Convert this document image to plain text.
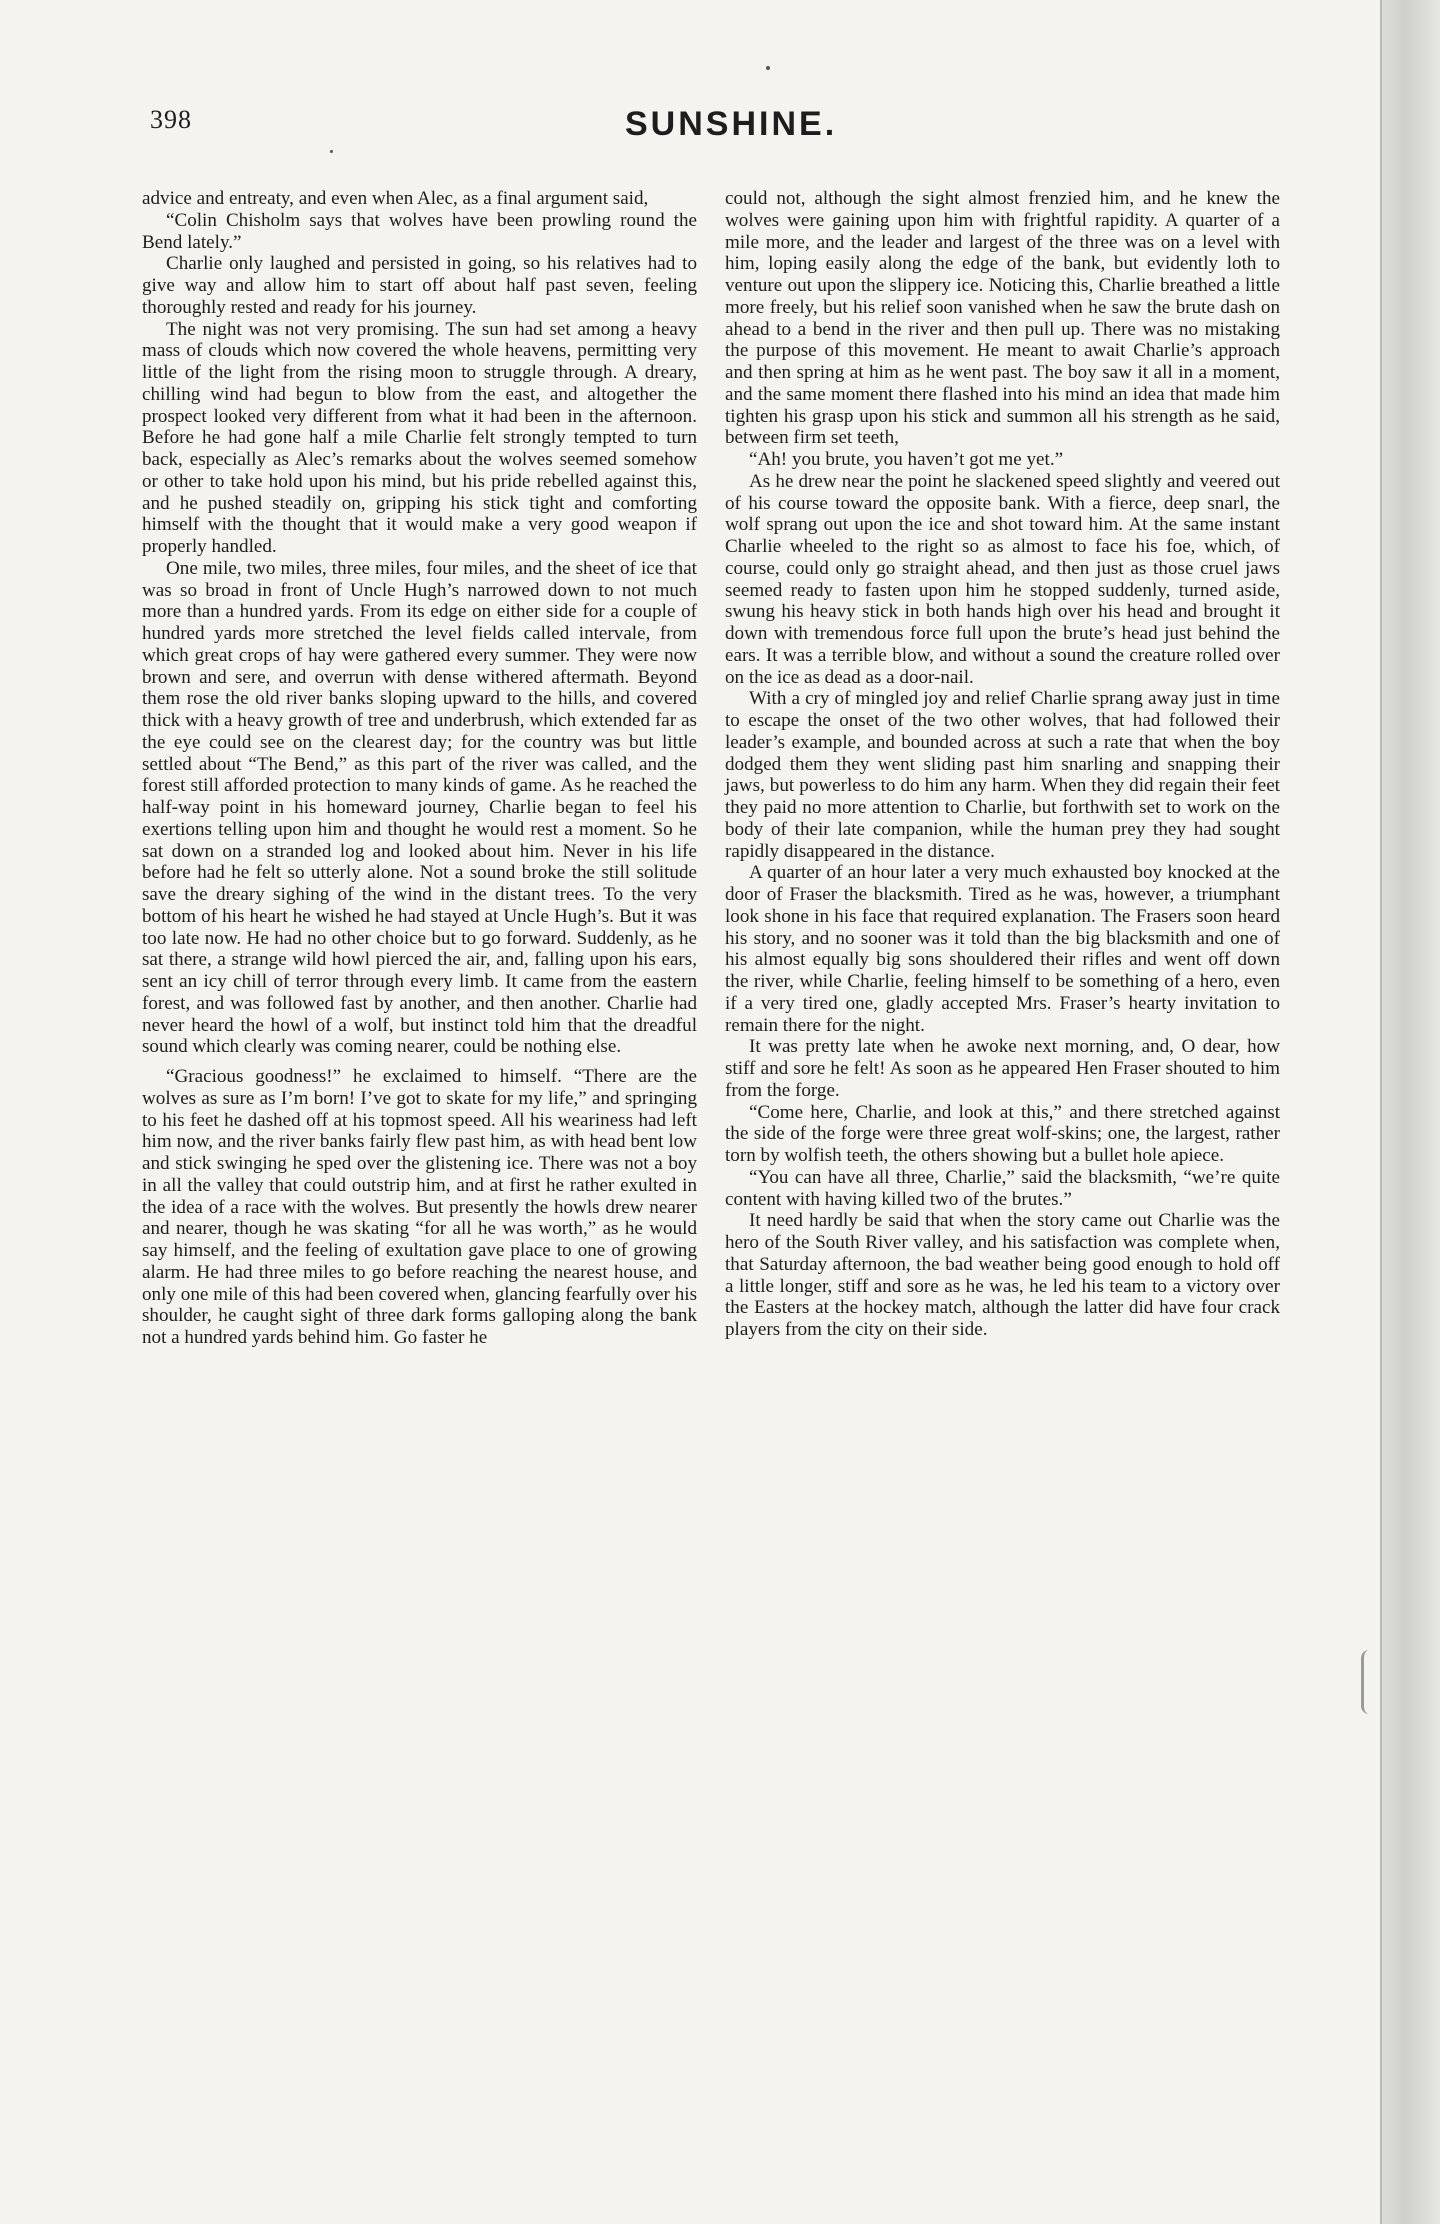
398	SUNSHINE.

advice and entreaty, and even when Alec, as a final argument said,

“Colin Chisholm says that wolves have been prowling round the Bend lately.”

Charlie only laughed and persisted in going, so his relatives had to give way and allow him to start off about half past seven, feeling thoroughly rested and ready for his journey.

The night was not very promising. The sun had set among a heavy mass of clouds which now covered the whole heavens, permitting very little of the light from the rising moon to struggle through. A dreary, chilling wind had begun to blow from the east, and altogether the prospect looked very different from what it had been in the afternoon. Before he had gone half a mile Charlie felt strongly tempted to turn back, especially as Alec’s remarks about the wolves seemed somehow or other to take hold upon his mind, but his pride rebelled against this, and he pushed steadily on, gripping his stick tight and comforting himself with the thought that it would make a very good weapon if properly handled.

One mile, two miles, three miles, four miles, and the sheet of ice that was so broad in front of Uncle Hugh’s narrowed down to not much more than a hundred yards. From its edge on either side for a couple of hundred yards more stretched the level fields called intervale, from which great crops of hay were gathered every summer. They were now brown and sere, and overrun with dense withered aftermath. Beyond them rose the old river banks sloping upward to the hills, and covered thick with a heavy growth of tree and underbrush, which extended far as the eye could see on the clearest day; for the country was but little settled about “The Bend,” as this part of the river was called, and the forest still afforded protection to many kinds of game. As he reached the half-way point in his homeward journey, Charlie began to feel his exertions telling upon him and thought he would rest a moment. So he sat down on a stranded log and looked about him. Never in his life before had he felt so utterly alone. Not a sound broke the still solitude save the dreary sighing of the wind in the distant trees. To the very bottom of his heart he wished he had stayed at Uncle Hugh’s. But it was too late now. He had no other choice but to go forward. Suddenly, as he sat there, a strange wild howl pierced the air, and, falling upon his ears, sent an icy chill of terror through every limb. It came from the eastern forest, and was followed fast by another, and then another. Charlie had never heard the howl of a wolf, but instinct told him that the dreadful sound which clearly was coming nearer, could be nothing else.

“Gracious goodness!” he exclaimed to himself. “There are the wolves as sure as I’m born! I’ve got to skate for my life,” and springing to his feet he dashed off at his topmost speed. All his weariness had left him now, and the river banks fairly flew past him, as with head bent low and stick swinging he sped over the glistening ice. There was not a boy in all the valley that could outstrip him, and at first he rather exulted in the idea of a race with the wolves. But presently the howls drew nearer and nearer, though he was skating “for all he was worth,” as he would say himself, and the feeling of exultation gave place to one of growing alarm. He had three miles to go before reaching the nearest house, and only one mile of this had been covered when, glancing fearfully over his shoulder, he caught sight of three dark forms galloping along the bank not a hundred yards behind him. Go faster he

could not, although the sight almost frenzied him, and he knew the wolves were gaining upon him with frightful rapidity. A quarter of a mile more, and the leader and largest of the three was on a level with him, loping easily along the edge of the bank, but evidently loth to venture out upon the slippery ice. Noticing this, Charlie breathed a little more freely, but his relief soon vanished when he saw the brute dash on ahead to a bend in the river and then pull up. There was no mistaking the purpose of this movement. He meant to await Charlie’s approach and then spring at him as he went past. The boy saw it all in a moment, and the same moment there flashed into his mind an idea that made him tighten his grasp upon his stick and summon all his strength as he said, between firm set teeth,

“Ah! you brute, you haven’t got me yet.”

As he drew near the point he slackened speed slightly and veered out of his course toward the opposite bank. With a fierce, deep snarl, the wolf sprang out upon the ice and shot toward him. At the same instant Charlie wheeled to the right so as almost to face his foe, which, of course, could only go straight ahead, and then just as those cruel jaws seemed ready to fasten upon him he stopped suddenly, turned aside, swung his heavy stick in both hands high over his head and brought it down with tremendous force full upon the brute’s head just behind the ears. It was a terrible blow, and without a sound the creature rolled over on the ice as dead as a door-nail.

With a cry of mingled joy and relief Charlie sprang away just in time to escape the onset of the two other wolves, that had followed their leader’s example, and bounded across at such a rate that when the boy dodged them they went sliding past him snarling and snapping their jaws, but powerless to do him any harm. When they did regain their feet they paid no more attention to Charlie, but forthwith set to work on the body of their late companion, while the human prey they had sought rapidly disappeared in the distance.

A quarter of an hour later a very much exhausted boy knocked at the door of Fraser the blacksmith. Tired as he was, however, a triumphant look shone in his face that required explanation. The Frasers soon heard his story, and no sooner was it told than the big blacksmith and one of his almost equally big sons shouldered their rifles and went off down the river, while Charlie, feeling himself to be something of a hero, even if a very tired one, gladly accepted Mrs. Fraser’s hearty invitation to remain there for the night.

It was pretty late when he awoke next morning, and, O dear, how stiff and sore he felt! As soon as he appeared Hen Fraser shouted to him from the forge.

“Come here, Charlie, and look at this,” and there stretched against the side of the forge were three great wolf-skins; one, the largest, rather torn by wolfish teeth, the others showing but a bullet hole apiece.

“You can have all three, Charlie,” said the blacksmith, “we’re quite content with having killed two of the brutes.”

It need hardly be said that when the story came out Charlie was the hero of the South River valley, and his satisfaction was complete when, that Saturday afternoon, the bad weather being good enough to hold off a little longer, stiff and sore as he was, he led his team to a victory over the Easters at the hockey match, although the latter did have four crack players from the city on their side.
